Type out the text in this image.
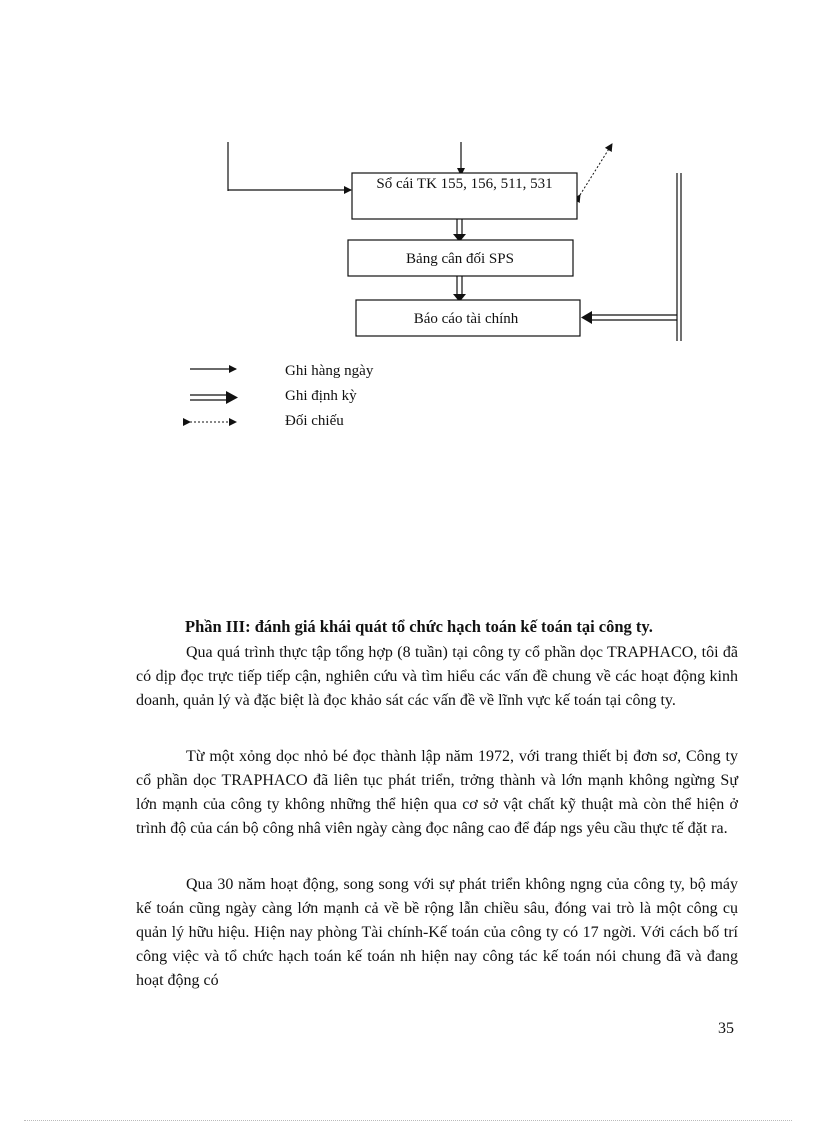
Sổ cái TK 155, 156, 511, 531
Bảng cân đối SPS
Báo cáo tài chính
Ghi hàng ngày
Ghi định kỳ
Đối chiếu
Phần III: đánh giá khái quát tổ chức hạch toán kế toán tại công ty.

Qua quá trình thực tập tổng hợp (8 tuần) tại công ty cổ phần dọc TRAPHACO, tôi đã có dịp đọc trực tiếp tiếp cận, nghiên cứu và tìm hiểu các vấn đề chung về các hoạt động kinh doanh, quản lý và đặc biệt là đọc khảo sát các vấn đề về lĩnh vực kế toán tại công ty.

Từ một xỏng dọc nhỏ bé đọc thành lập năm 1972, với trang thiết bị đơn sơ, Công ty cổ phần dọc TRAPHACO đã liên tục phát triển, trởng thành và lớn mạnh không ngừng Sự lớn mạnh của công ty không những thể hiện qua cơ sở vật chất kỹ thuật mà còn thể hiện ở trình độ của cán bộ công nhâ viên ngày càng đọc nâng cao để đáp ngs yêu cầu thực tế đặt ra.

Qua 30 năm hoạt động, song song với sự phát triển không ngng của công ty, bộ máy kế toán cũng ngày càng lớn mạnh cả về bề rộng lẫn chiều sâu, đóng vai trò là một công cụ quản lý hữu hiệu. Hiện nay phòng Tài chính-Kế toán của công ty có 17 ngời. Với cách bố trí công việc và tổ chức hạch toán kế toán nh hiện nay công tác kế toán nói chung đã và đang hoạt động có

35
